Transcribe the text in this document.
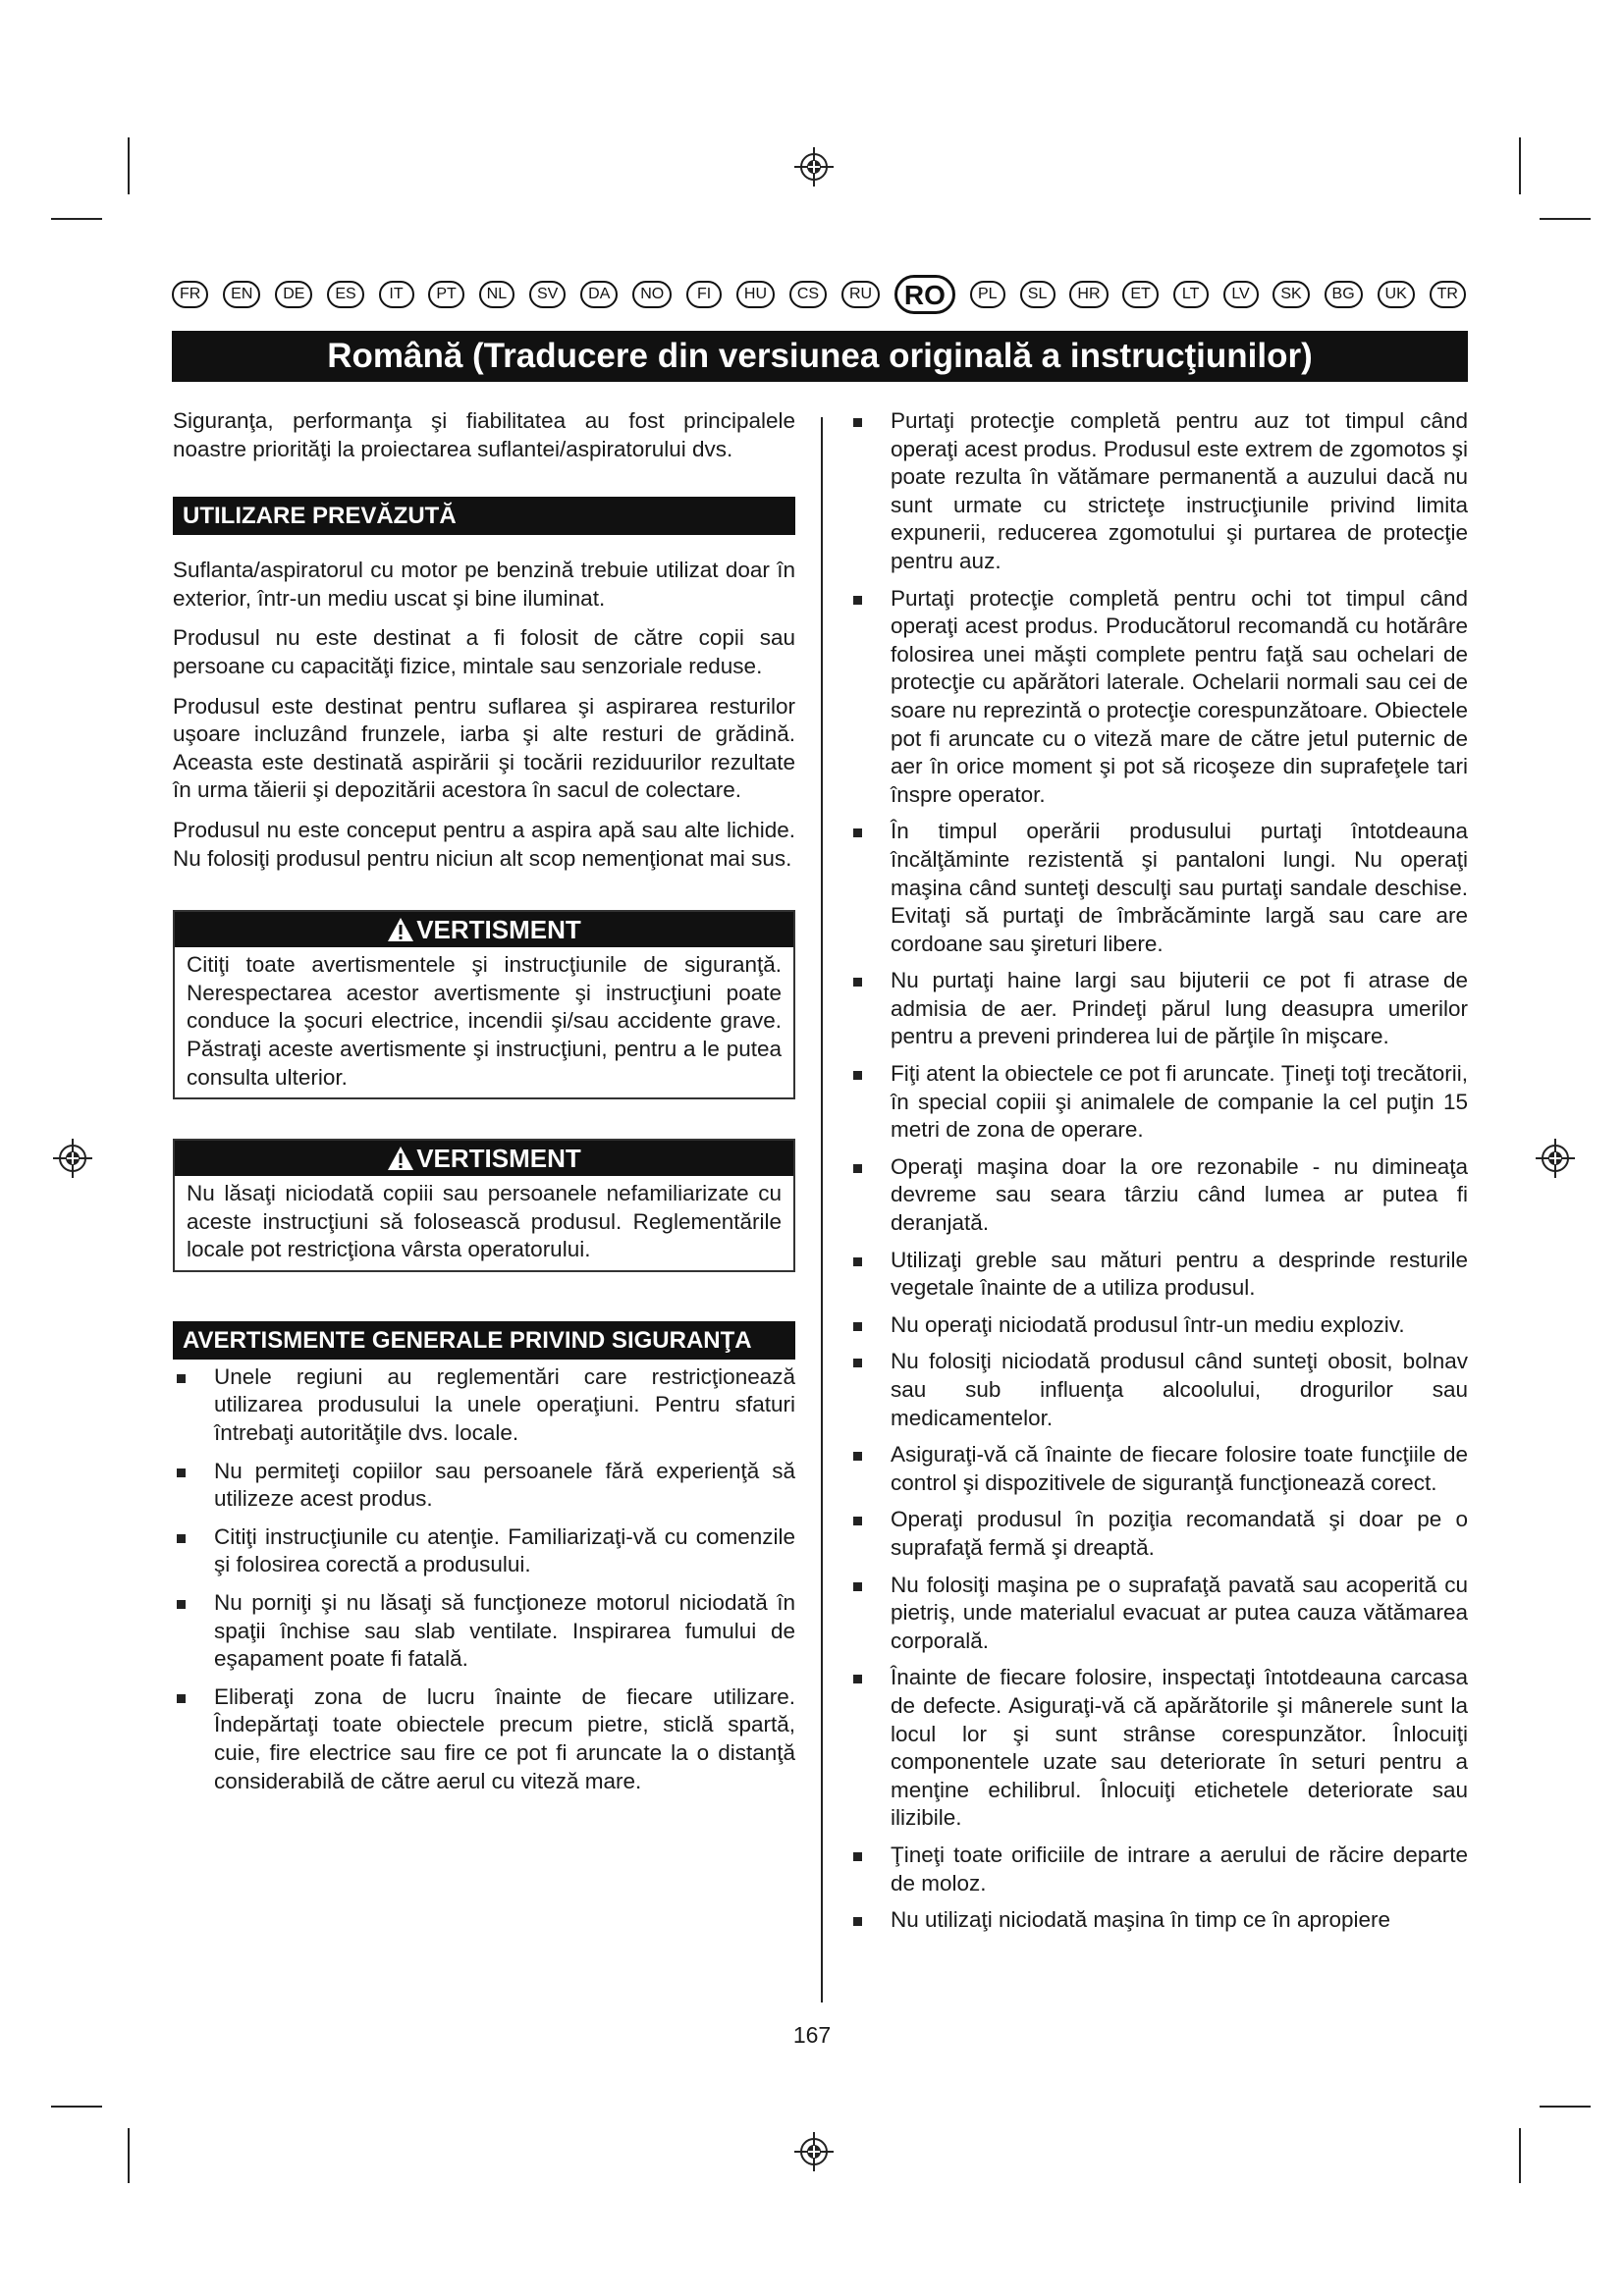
FR	EN	DE	ES	IT	PT	NL	SV	DA	NO	FI	HU	CS	RU	RO	PL	SL	HR	ET	LT	LV	SK	BG	UK	TR
Română (Traducere din versiunea originală a instrucţiunilor)

Siguranţa, performanţa şi fiabilitatea au fost principalele noastre priorităţi la proiectarea suflantei/aspiratorului dvs.

UTILIZARE PREVĂZUTĂ

Suflanta/aspiratorul cu motor pe benzină trebuie utilizat doar în exterior, într-un mediu uscat şi bine iluminat.

Produsul nu este destinat a fi folosit de către copii sau persoane cu capacităţi fizice, mintale sau senzoriale reduse.

Produsul este destinat pentru suflarea şi aspirarea resturilor uşoare incluzând frunzele, iarba şi alte resturi de grădină. Aceasta este destinată aspirării şi tocării reziduurilor rezultate în urma tăierii şi depozitării acestora în sacul de colectare.

Produsul nu este conceput pentru a aspira apă sau alte lichide. Nu folosiţi produsul pentru niciun alt scop nemenţionat mai sus.

VERTISMENT

Citiţi toate avertismentele şi instrucţiunile de siguranţă. Nerespectarea acestor avertismente şi instrucţiuni poate conduce la şocuri electrice, incendii şi/sau accidente grave. Păstraţi aceste avertismente şi instrucţiuni, pentru a le putea consulta ulterior.

VERTISMENT

Nu lăsaţi niciodată copiii sau persoanele nefamiliarizate cu aceste instrucţiuni să folosească produsul. Reglementările locale pot restricţiona vârsta operatorului.

AVERTISMENTE GENERALE PRIVIND SIGURANŢA
Unele regiuni au reglementări care restricţionează utilizarea produsului la unele operaţiuni. Pentru sfaturi întrebaţi autorităţile dvs. locale.
Nu permiteţi copiilor sau persoanele fără experienţă să utilizeze acest produs.
Citiţi instrucţiunile cu atenţie. Familiarizaţi-vă cu comenzile şi folosirea corectă a produsului.
Nu porniţi şi nu lăsaţi să funcţioneze motorul niciodată în spaţii închise sau slab ventilate. Inspirarea fumului de eşapament poate fi fatală.
Eliberaţi zona de lucru înainte de fiecare utilizare. Îndepărtaţi toate obiectele precum pietre, sticlă spartă, cuie, fire electrice sau fire ce pot fi aruncate la o distanţă considerabilă de către aerul cu viteză mare.
Purtaţi protecţie completă pentru auz tot timpul când operaţi acest produs. Produsul este extrem de zgomotos şi poate rezulta în vătămare permanentă a auzului dacă nu sunt urmate cu stricteţe instrucţiunile privind limita expunerii, reducerea zgomotului şi purtarea de protecţie pentru auz.
Purtaţi protecţie completă pentru ochi tot timpul când operaţi acest produs. Producătorul recomandă cu hotărâre folosirea unei măşti complete pentru faţă sau ochelari de protecţie cu apărători laterale. Ochelarii normali sau cei de soare nu reprezintă o protecţie corespunzătoare. Obiectele pot fi aruncate cu o viteză mare de către jetul puternic de aer în orice moment şi pot să ricoşeze din suprafeţele tari înspre operator.
În timpul operării produsului purtaţi întotdeauna încălţăminte rezistentă şi pantaloni lungi. Nu operaţi maşina când sunteţi desculţi sau purtaţi sandale deschise. Evitaţi să purtaţi de îmbrăcăminte largă sau care are cordoane sau şireturi libere.
Nu purtaţi haine largi sau bijuterii ce pot fi atrase de admisia de aer. Prindeţi părul lung deasupra umerilor pentru a preveni prinderea lui de părţile în mişcare.
Fiţi atent la obiectele ce pot fi aruncate. Ţineţi toţi trecătorii, în special copiii şi animalele de companie la cel puţin 15 metri de zona de operare.
Operaţi maşina doar la ore rezonabile - nu dimineaţa devreme sau seara târziu când lumea ar putea fi deranjată.
Utilizaţi greble sau mături pentru a desprinde resturile vegetale înainte de a utiliza produsul.
Nu operaţi niciodată produsul într-un mediu exploziv.
Nu folosiţi niciodată produsul când sunteţi obosit, bolnav sau sub influenţa alcoolului, drogurilor sau medicamentelor.
Asiguraţi-vă că înainte de fiecare folosire toate funcţiile de control şi dispozitivele de siguranţă funcţionează corect.
Operaţi produsul în poziţia recomandată şi doar pe o suprafaţă fermă şi dreaptă.
Nu folosiţi maşina pe o suprafaţă pavată sau acoperită cu pietriş, unde materialul evacuat ar putea cauza vătămarea corporală.
Înainte de fiecare folosire, inspectaţi întotdeauna carcasa de defecte. Asiguraţi-vă că apărătorile şi mânerele sunt la locul lor şi sunt strânse corespunzător. Înlocuiţi componentele uzate sau deteriorate în seturi pentru a menţine echilibrul. Înlocuiţi etichetele deteriorate sau ilizibile.
Ţineţi toate orificiile de intrare a aerului de răcire departe de moloz.
Nu utilizaţi niciodată maşina în timp ce în apropiere
167
